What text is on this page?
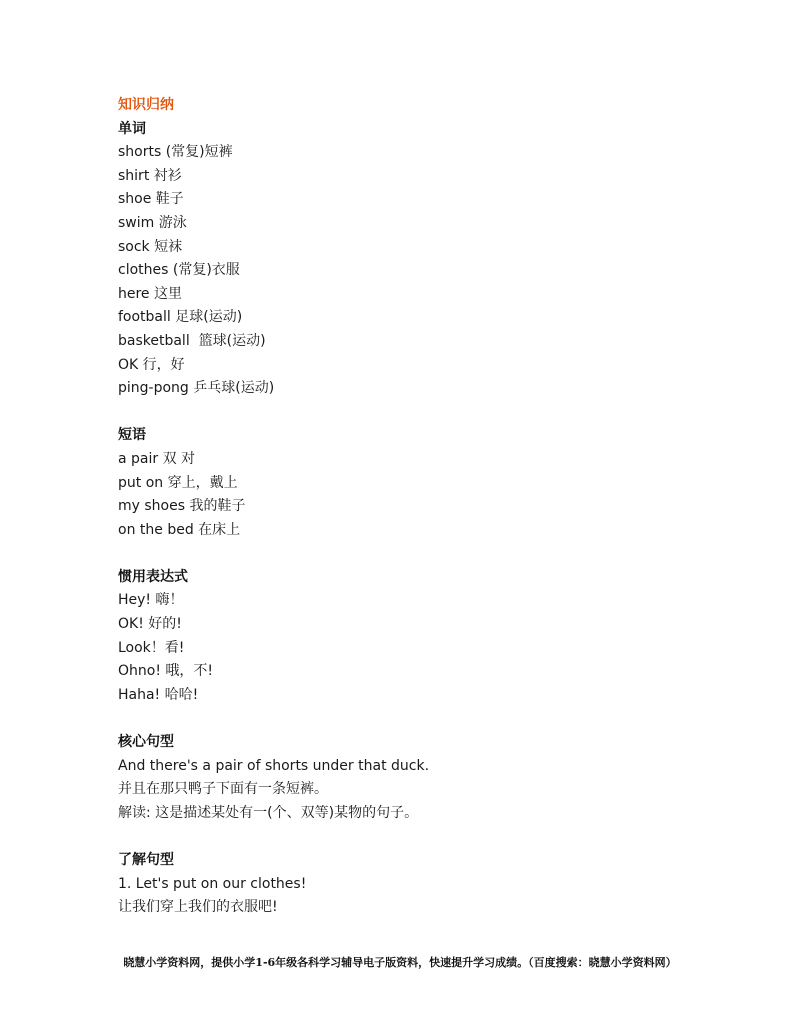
知识归纳
单词
shorts (常复)短裤
shirt 衬衫
shoe 鞋子
swim 游泳
sock 短袜
clothes (常复)衣服
here 这里
football 足球(运动)
basketball  篮球(运动)
OK 行，好
ping-pong 乒乓球(运动)
短语
a pair 双 对
put on 穿上，戴上
my shoes 我的鞋子
on the bed 在床上
惯用表达式
Hey! 嗨！
OK! 好的!
Look！看!
Ohno! 哦，不!
Haha! 哈哈!
核心句型
And there's a pair of shorts under that duck.
并且在那只鸭子下面有一条短裤。
解读: 这是描述某处有一(个、双等)某物的句子。
了解句型
1. Let's put on our clothes!
让我们穿上我们的衣服吧!
晓慧小学资料网，提供小学1-6年级各科学习辅导电子版资料，快速提升学习成绩。（百度搜索：晓慧小学资料网）
